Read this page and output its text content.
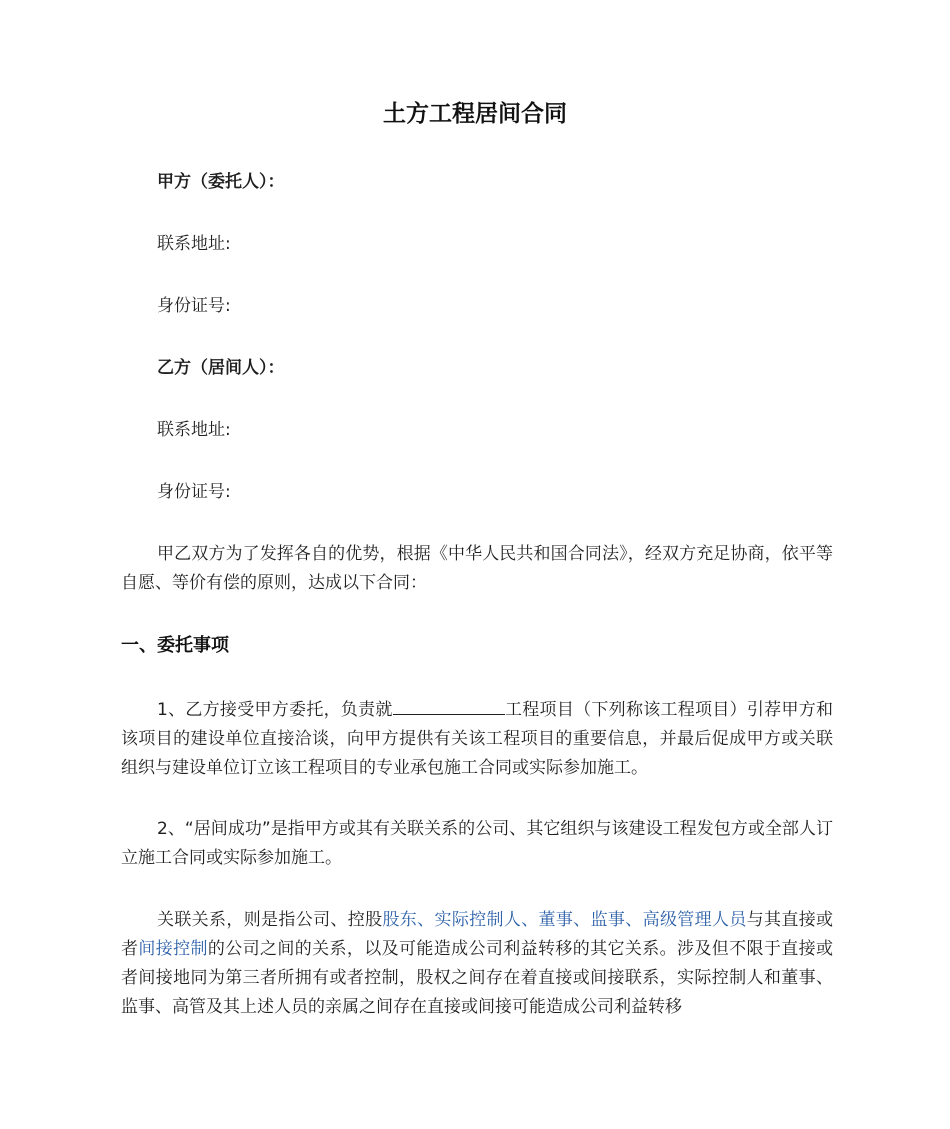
土方工程居间合同
甲方（委托人）：
联系地址:
身份证号:
乙方（居间人）：
联系地址:
身份证号:
甲乙双方为了发挥各自的优势，根据《中华人民共和国合同法》，经双方充足协商，依平等自愿、等价有偿的原则，达成以下合同：
一、委托事项
1、乙方接受甲方委托，负责就	工程项目（下列称该工程项目）引荐甲方和该项目的建设单位直接洽谈，向甲方提供有关该工程项目的重要信息，并最后促成甲方或关联组织与建设单位订立该工程项目的专业承包施工合同或实际参加施工。
2、“居间成功”是指甲方或其有关联关系的公司、其它组织与该建设工程发包方或全部人订立施工合同或实际参加施工。
关联关系，则是指公司、控股股东、实际控制人、董事、监事、高级管理人员与其直接或者间接控制的公司之间的关系，以及可能造成公司利益转移的其它关系。涉及但不限于直接或者间接地同为第三者所拥有或者控制，股权之间存在着直接或间接联系，实际控制人和董事、监事、高管及其上述人员的亲属之间存在直接或间接可能造成公司利益转移
